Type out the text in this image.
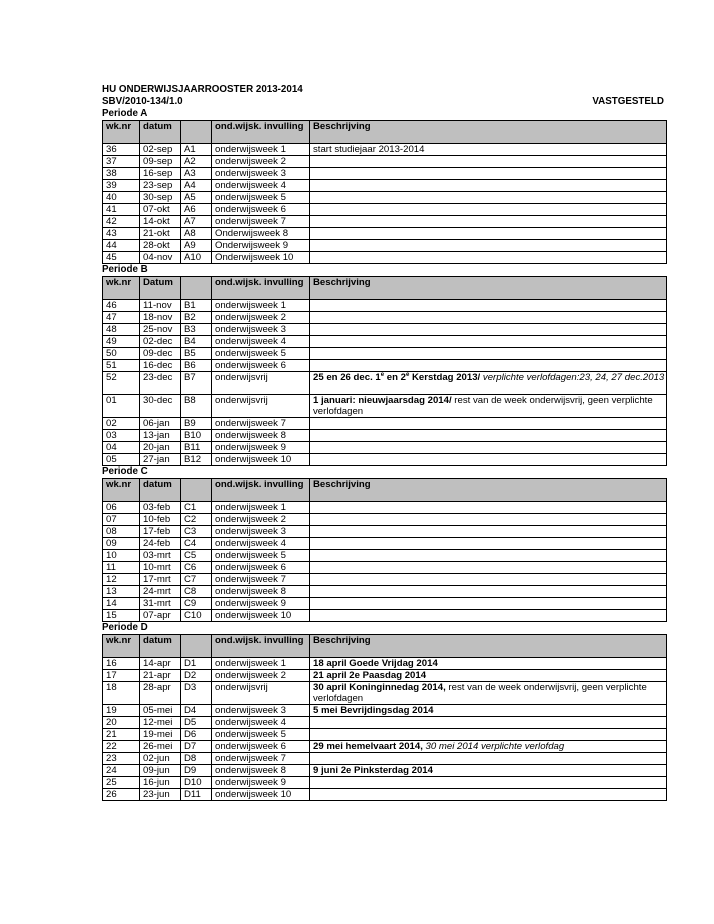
HU ONDERWIJSJAARROOSTER 2013-2014
SBV/2010-134/1.0	VASTGESTELD
Periode A
wk.nr	datum		ond.wijsk. invulling	Beschrijving
36	02-sep	A1	onderwijsweek 1	start studiejaar 2013-2014
37	09-sep	A2	onderwijsweek 2	
38	16-sep	A3	onderwijsweek 3	
39	23-sep	A4	onderwijsweek 4	
40	30-sep	A5	onderwijsweek 5	
41	07-okt	A6	onderwijsweek 6	
42	14-okt	A7	onderwijsweek 7	
43	21-okt	A8	Onderwijsweek 8	
44	28-okt	A9	Onderwijsweek 9	
45	04-nov	A10	Onderwijsweek 10	
Periode B
wk.nr	Datum		ond.wijsk. invulling	Beschrijving
46	11-nov	B1	onderwijsweek 1	
47	18-nov	B2	onderwijsweek 2	
48	25-nov	B3	onderwijsweek 3	
49	02-dec	B4	onderwijsweek 4	
50	09-dec	B5	onderwijsweek 5	
51	16-dec	B6	onderwijsweek 6	
52	23-dec	B7	onderwijsvrij	25 en 26 dec. 1e en 2e Kerstdag 2013/ verplichte verlofdagen:23, 24, 27 dec.2013
01	30-dec	B8	onderwijsvrij	1 januari: nieuwjaarsdag 2014/ rest van de week onderwijsvrij, geen verplichte verlofdagen
02	06-jan	B9	onderwijsweek 7	
03	13-jan	B10	onderwijsweek 8	
04	20-jan	B11	onderwijsweek 9	
05	27-jan	B12	onderwijsweek 10	
Periode C
wk.nr	datum		ond.wijsk. invulling	Beschrijving
06	03-feb	C1	onderwijsweek 1	
07	10-feb	C2	onderwijsweek 2	
08	17-feb	C3	onderwijsweek 3	
09	24-feb	C4	onderwijsweek 4	
10	03-mrt	C5	onderwijsweek 5	
11	10-mrt	C6	onderwijsweek 6	
12	17-mrt	C7	onderwijsweek 7	
13	24-mrt	C8	onderwijsweek 8	
14	31-mrt	C9	onderwijsweek 9	
15	07-apr	C10	onderwijsweek 10	
Periode D
wk.nr	datum		ond.wijsk. invulling	Beschrijving
16	14-apr	D1	onderwijsweek 1	18 april Goede Vrijdag 2014
17	21-apr	D2	onderwijsweek 2	21 april 2e Paasdag 2014
18	28-apr	D3	onderwijsvrij	30 april Koninginnedag 2014, rest van de week onderwijsvrij, geen verplichte verlofdagen
19	05-mei	D4	onderwijsweek 3	5 mei Bevrijdingsdag 2014
20	12-mei	D5	onderwijsweek 4	
21	19-mei	D6	onderwijsweek 5	
22	26-mei	D7	onderwijsweek 6	29 mei hemelvaart 2014, 30 mei 2014 verplichte verlofdag
23	02-jun	D8	onderwijsweek 7	
24	09-jun	D9	onderwijsweek 8	9 juni 2e Pinksterdag 2014
25	16-jun	D10	onderwijsweek 9	
26	23-jun	D11	onderwijsweek 10	
